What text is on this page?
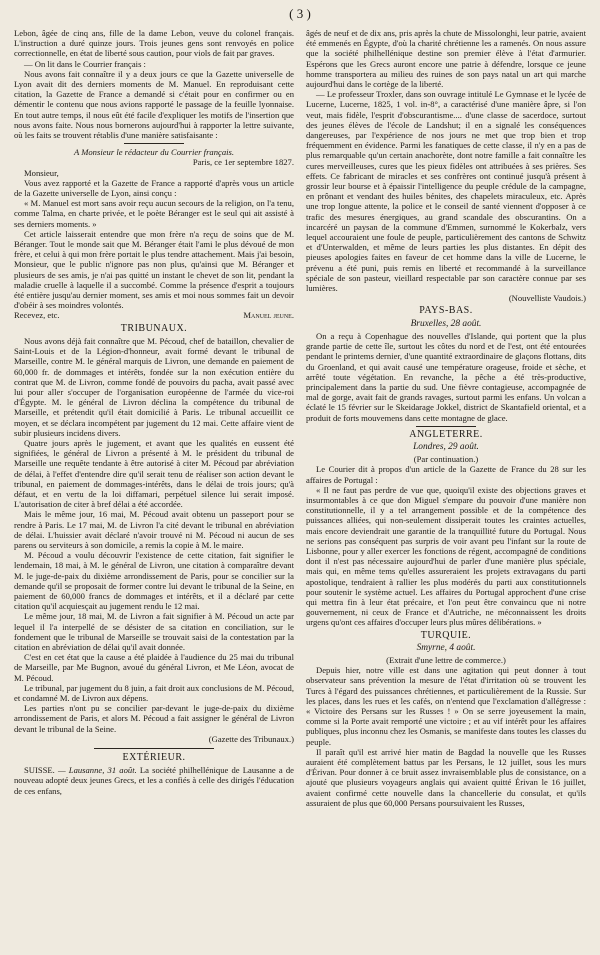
( 3 )

Lebon, âgée de cinq ans, fille de la dame Lebon, veuve du colonel français. L'instruction a duré quinze jours. Trois jeunes gens sont renvoyés en police correctionnelle, en état de liberté sous caution, pour viols de fait par graves.

— On lit dans le Courrier français :

Nous avons fait connaître il y a deux jours ce que la Gazette universelle de Lyon avait dit des derniers moments de M. Manuel. En reproduisant cette citation, la Gazette de France a demandé si c'était pour en confirmer ou en démentir le contenu que nous avions rapporté le passage de la feuille lyonnaise. En tout autre temps, il nous eût été facile d'expliquer les motifs de l'insertion que nous avons faite. Nous nous bornerons aujourd'hui à rapporter la lettre suivante, où les faits se trouvent rétablis d'une manière satisfaisante :

A Monsieur le rédacteur du Courrier français.
Paris, ce 1er septembre 1827.

Monsieur,

Vous avez rapporté et la Gazette de France a rapporté d'après vous un article de la Gazette universelle de Lyon, ainsi conçu :

« M. Manuel est mort sans avoir reçu aucun secours de la religion, on l'a tenu, comme Talma, en charte privée, et le poète Béranger est le seul qui ait assisté à ses derniers moments. »

Cet article laisserait entendre que mon frère n'a reçu de soins que de M. Béranger. Tout le monde sait que M. Béranger était l'ami le plus dévoué de mon frère, et celui à qui mon frère portait le plus tendre attachement. Mais j'ai besoin, Monsieur, que le public n'ignore pas non plus, qu'ainsi que M. Béranger et plusieurs de ses amis, je n'ai pas quitté un instant le chevet de son lit, pendant la maladie cruelle à laquelle il a succombé. Comme la présence d'esprit a toujours été entière jusqu'au dernier moment, ses amis et moi nous sommes fait un devoir d'obéir à ses moindres volontés.

Recevez, etc.	Manuel jeune.
TRIBUNAUX.

Nous avons déjà fait connaître que M. Pécoud, chef de bataillon, chevalier de Saint-Louis et de la Légion-d'honneur, avait formé devant le tribunal de Marseille, contre M. le général marquis de Livron, une demande en paiement de 60,000 fr. de dommages et intérêts, fondée sur la non exécution entière du contrat que M. de Livron, comme fondé de pouvoirs du pacha, avait passé avec lui pour aller s'occuper de l'organisation européenne de l'armée du vice-roi d'Égypte. M. le général de Livron déclina la compétence du tribunal de Marseille, et prétendit qu'il était domicilié à Paris. Le tribunal accueillit ce moyen, et se déclara incompétent par jugement du 12 mai. Cette affaire vient de subir plusieurs incidens divers.

Quatre jours après le jugement, et avant que les qualités en eussent été signifiées, le général de Livron a présenté à M. le président du tribunal de Marseille une requête tendante à être autorisé à citer M. Pécoud par abréviation de délai, à l'effet d'entendre dire qu'il serait tenu de réaliser son action devant le tribunal, en paiement de dommages-intérêts, dans le délai de trois jours; qu'à défaut, et en vertu de la loi diffamari, perpétuel silence lui serait imposé. L'autorisation de citer à bref délai a été accordée.

Mais le même jour, 16 mai, M. Pécoud avait obtenu un passeport pour se rendre à Paris. Le 17 mai, M. de Livron l'a cité devant le tribunal en abréviation de délai. L'huissier avait déclaré n'avoir trouvé ni M. Pécoud ni aucun de ses parens ou serviteurs à son domicile, a remis la copie à M. le maire.

M. Pécoud a voulu découvrir l'existence de cette citation, fait signifier le lendemain, 18 mai, à M. le général de Livron, une citation à comparaître devant M. le juge-de-paix du dixième arrondissement de Paris, pour se concilier sur la demande qu'il se proposait de former contre lui devant le tribunal de la Seine, en paiement de 60,000 francs de dommages et intérêts, et il a déclaré par cette citation qu'il acquiesçait au jugement rendu le 12 mai.

Le même jour, 18 mai, M. de Livron a fait signifier à M. Pécoud un acte par lequel il l'a interpellé de se désister de sa citation en conciliation, sur le fondement que le tribunal de Marseille se trouvait saisi de la contestation par la citation en abréviation de délai qu'il avait donnée.

C'est en cet état que la cause a été plaidée à l'audience du 25 mai du tribunal de Marseille, par Me Bugnon, avoué du général Livron, et Me Léon, avocat de M. Pécoud.

Le tribunal, par jugement du 8 juin, a fait droit aux conclusions de M. Pécoud, et condamné M. de Livron aux dépens.

Les parties n'ont pu se concilier par-devant le juge-de-paix du dixième arrondissement de Paris, et alors M. Pécoud a fait assigner le général de Livron devant le tribunal de la Seine.

(Gazette des Tribunaux.)
EXTÉRIEUR.

SUISSE. — Lausanne, 31 août. La société philhellénique de Lausanne a de nouveau adopté deux jeunes Grecs, et les a confiés à celle des dirigés l'éducation de ces enfans,

âgés de neuf et de dix ans, pris après la chute de Missolonghi, leur patrie, avaient été emmenés en Égypte, d'où la charité chrétienne les a ramenés. On nous assure que la société philhellénique destine son premier élève à l'état d'armurier. Espérons que les Grecs auront encore une patrie à défendre, lorsque ce jeune homme transportera au milieu des ruines de son pays natal un art qui marche aujourd'hui dans le cortège de la liberté.

— Le professeur Troxler, dans son ouvrage intitulé Le Gymnase et le lycée de Lucerne, Lucerne, 1825, 1 vol. in-8°, a caractérisé d'une manière âpre, si l'on veut, mais fidèle, l'esprit d'obscurantisme.... d'une classe de sacerdoce, surtout des jeunes élèves de l'école de Landshut; il en a signalé les conséquences dangereuses, par l'expérience de nos jours ne met que trop bien et trop fréquemment en évidence. Parmi les fanatiques de cette classe, il n'y en a pas de plus remarquable qu'un certain anachorète, dont notre famille a fait connaître les cures merveilleuses, cures que les pieux fidèles ont attribuées à ses prières. Ses effets. Ce fabricant de miracles et ses confrères ont continué jusqu'à présent à grossir leur bourse et à épaissir l'intelligence du peuple crédule de la campagne, en prônant et vendant des huiles bénites, des chapelets miraculeux, etc. Après une trop longue attente, la police et le conseil de santé viennent d'opposer à ce trafic des mesures énergiques, au grand scandale des obscurantins. On a incarcéré un paysan de la commune d'Emmen, surnommé le Kokerbalz, vers lequel accouraient une foule de peuple, particulièrement des cantons de Schwitz et d'Unterwalden, et même de leurs parties les plus distantes. En dépit des pieuses apologies faites en faveur de cet homme dans la ville de Lucerne, le prévenu a été puni, puis remis en liberté et recommandé à la surveillance spéciale de son pasteur, vieillard respectable par son caractère connue par ses lumières.

(Nouvelliste Vaudois.)
PAYS-BAS.
Bruxelles, 28 août.

On a reçu à Copenhague des nouvelles d'Islande, qui portent que la plus grande partie de cette île, surtout les côtes du nord et de l'est, ont été entourées pendant le printems dernier, d'une quantité extraordinaire de glaçons flottans, dits du Groenland, et qui avait causé une température orageuse, froide et sèche, et arrêté toute végétation. En revanche, la pêche a été très-productive, principalement dans la partie du sud. Une fièvre contagieuse, accompagnée de mal de gorge, avait fait de grands ravages, surtout parmi les enfans. Un volcan a éclaté le 15 février sur le Skeidarage Jokkel, district de Skantafield oriental, et a produit de forts mouvemens dans cette montagne de glace.

ANGLETERRE.
Londres, 29 août.
(Par continuation.)

Le Courier dit à propos d'un article de la Gazette de France du 28 sur les affaires de Portugal :

« Il ne faut pas perdre de vue que, quoiqu'il existe des objections graves et insurmontables à ce que don Miguel s'empare du pouvoir d'une manière non constitutionnelle, il y a tel arrangement possible et de la compétence des puissances alliées, qui non-seulement dissiperait toutes les craintes actuelles, mais encore deviendrait une garantie de la tranquillité future du Portugal. Nous ne serions pas conséquent pas surpris de voir avant peu l'infant sur la route de Lisbonne, pour y aller exercer les fonctions de régent, accompagné de conditions dont il n'est pas nécessaire aujourd'hui de parler d'une manière plus spéciale, mais qui, en même tems qu'elles assureraient les projets extravagans du parti apostolique, tendraient à rallier les plus modérés du parti aux constitutionnels pour soutenir le système actuel. Les affaires du Portugal approchent d'une crise qui mettra fin à leur état précaire, et l'on peut être convaincu que ni notre gouvernement, ni ceux de France et d'Autriche, ne méconnaissent les droits urgens qu'ont ces affaires d'occuper leurs plus mûres délibérations. »

TURQUIE.
Smyrne, 4 août.
(Extrait d'une lettre de commerce.)

Depuis hier, notre ville est dans une agitation qui peut donner à tout observateur sans prévention la mesure de l'état d'irritation où se trouvent les Turcs à l'égard des puissances chrétiennes, et particulièrement de la Russie. Sur les places, dans les rues et les cafés, on n'entend que l'exclamation d'allégresse : « Victoire des Persans sur les Russes ! » On se serre joyeusement la main, comme si la Porte avait remporté une victoire ; et au vif intérêt pour les affaires publiques, plus inconnu chez les Osmanis, se manifeste dans toutes les classes du peuple.

Il paraît qu'il est arrivé hier matin de Bagdad la nouvelle que les Russes auraient été complètement battus par les Persans, le 12 juillet, sous les murs d'Érivan. Pour donner à ce bruit assez invraisemblable plus de consistance, on a ajouté que plusieurs voyageurs anglais qui avaient quitté Érivan le 16 juillet, avaient confirmé cette nouvelle dans la chancellerie du consulat, et qu'ils assuraient de plus que 60,000 Persans poursuivaient les Russes,
